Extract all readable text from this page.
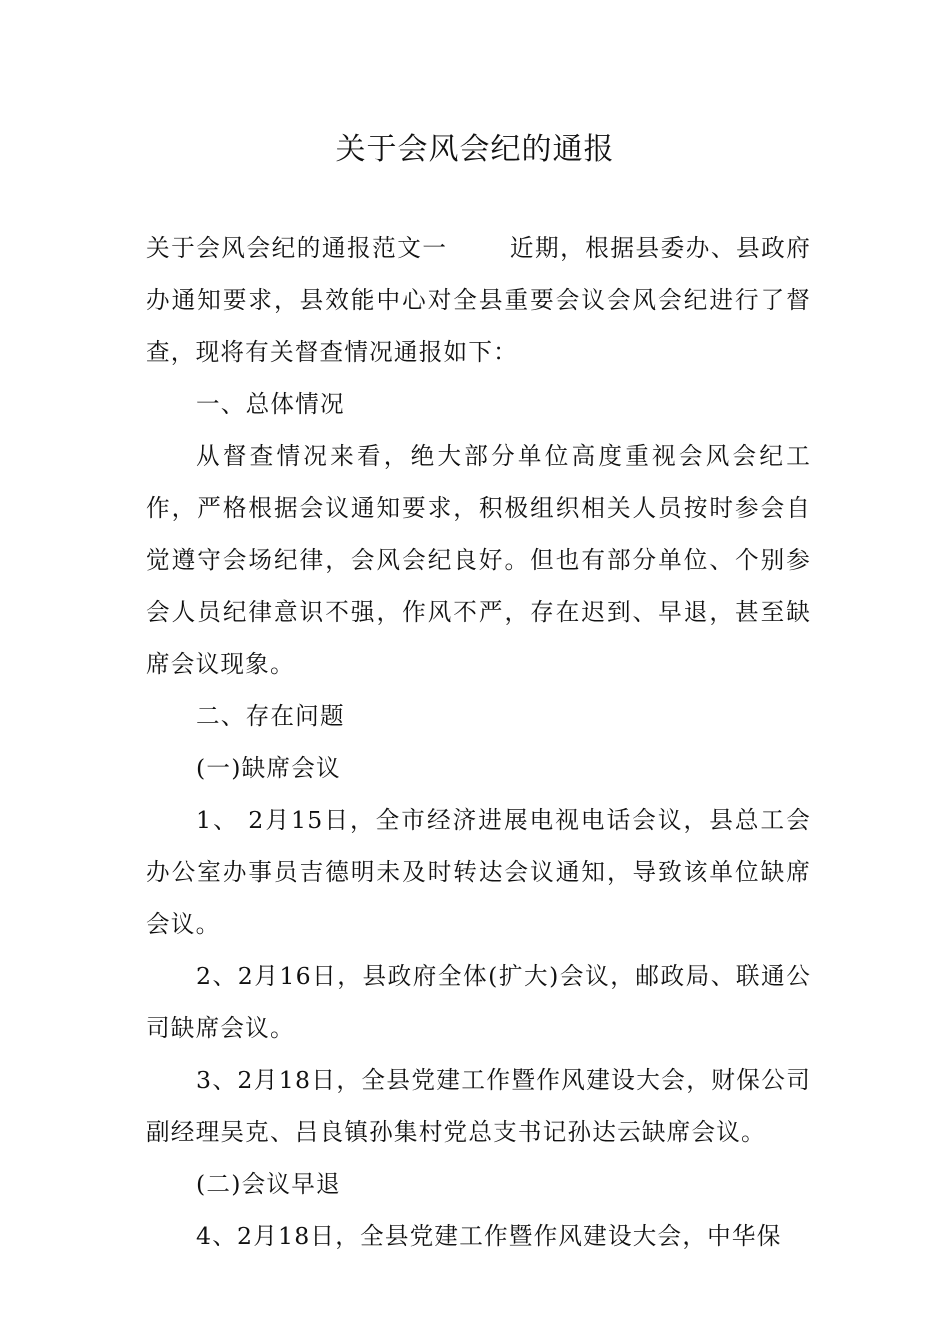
关于会风会纪的通报

关于会风会纪的通报范文一	近期，根据县委办、县政府办通知要求，县效能中心对全县重要会议会风会纪进行了督查，现将有关督查情况通报如下：

一、总体情况

从督查情况来看，绝大部分单位高度重视会风会纪工作，严格根据会议通知要求，积极组织相关人员按时参会自觉遵守会场纪律，会风会纪良好。但也有部分单位、个别参会人员纪律意识不强，作风不严，存在迟到、早退，甚至缺席会议现象。

二、存在问题

(一)缺席会议

1、 2月15日，全市经济进展电视电话会议，县总工会办公室办事员吉德明未及时转达会议通知，导致该单位缺席会议。

2、2月16日，县政府全体(扩大)会议，邮政局、联通公司缺席会议。

3、2月18日，全县党建工作暨作风建设大会，财保公司副经理吴克、吕良镇孙集村党总支书记孙达云缺席会议。

(二)会议早退

4、2月18日，全县党建工作暨作风建设大会，中华保
